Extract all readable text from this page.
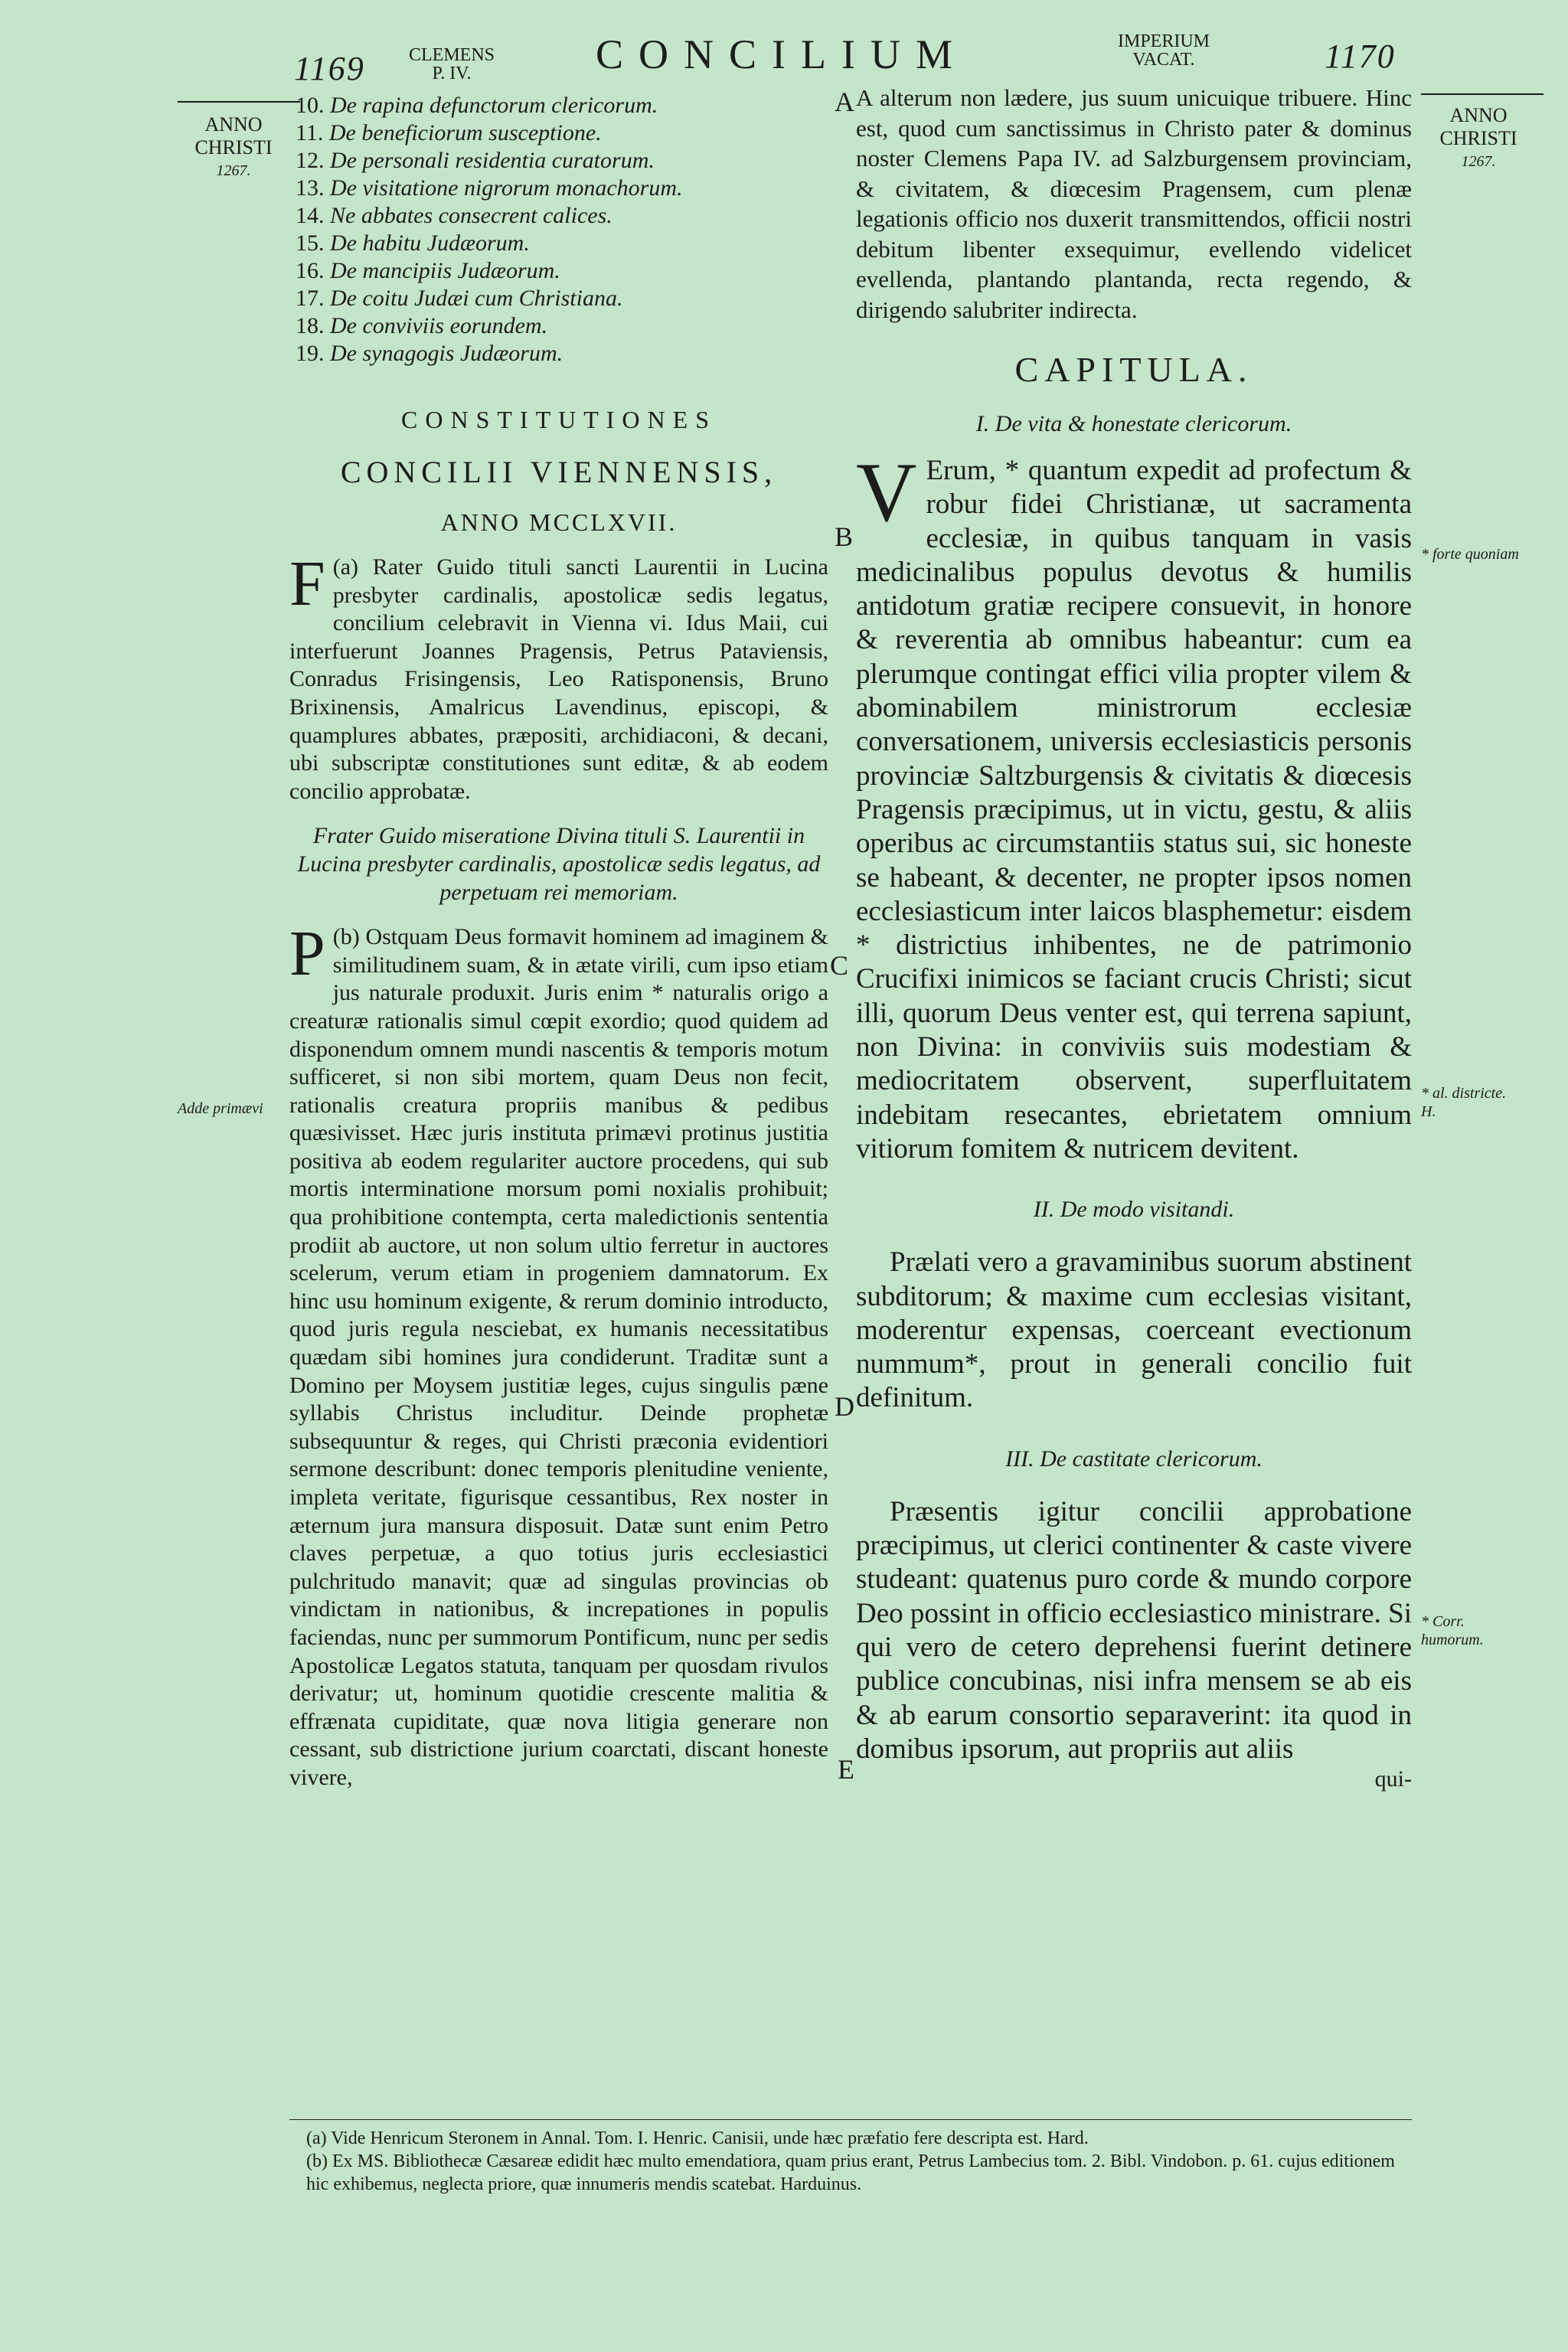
1169	CLEMENS
P. IV.	CONCILIUM	IMPERIUM
VACAT.	1170
ANNO
CHRISTI
1267.
ANNO
CHRISTI
1267.
10. De rapina defunctorum clericorum.
11. De beneficiorum susceptione.
12. De personali residentia curatorum.
13. De visitatione nigrorum monachorum.
14. Ne abbates consecrent calices.
15. De habitu Judæorum.
16. De mancipiis Judæorum.
17. De coitu Judæi cum Christiana.
18. De conviviis eorundem.
19. De synagogis Judæorum.

CONSTITUTIONES

CONCILII VIENNENSIS,

ANNO MCCLXVII.

(a)
F	Rater Guido tituli sancti Laurentii in Lucina presbyter cardinalis, apostolicæ sedis legatus, concilium celebravit in Vienna vi. Idus Maii, cui interfuerunt Joannes Pragensis, Petrus Pataviensis, Conradus Frisingensis, Leo Ratisponensis, Bruno Brixinensis, Amalricus Lavendinus, episcopi, & quamplures abbates, præpositi, archidiaconi, & decani, ubi subscriptæ constitutiones sunt editæ, & ab eodem concilio approbatæ.

Frater Guido miseratione Divina tituli S. Laurentii in Lucina presbyter cardinalis, apostolicæ sedis legatus, ad perpetuam rei memoriam.

(b)
P	Ostquam Deus formavit hominem ad imaginem & similitudinem suam, & in ætate virili, cum ipso etiam jus naturale produxit. Juris enim * naturalis origo a creaturæ rationalis simul cœpit exordio; quod quidem ad disponendum omnem mundi nascentis & temporis motum sufficeret, si non sibi mortem, quam Deus non fecit, rationalis creatura propriis manibus & pedibus quæsivisset. Hæc juris instituta primævi protinus justitia positiva ab eodem regulariter auctore procedens, qui sub mortis interminatione morsum pomi noxialis prohibuit; qua prohibitione contempta, certa maledictionis sententia prodiit ab auctore, ut non solum ultio ferretur in auctores scelerum, verum etiam in progeniem damnatorum. Ex hinc usu hominum exigente, & rerum dominio introducto, quod juris regula nesciebat, ex humanis necessitatibus quædam sibi homines jura condiderunt. Traditæ sunt a Domino per Moysem justitiæ leges, cujus singulis pæne syllabis Christus includitur. Deinde prophetæ subsequuntur & reges, qui Christi præconia evidentiori sermone describunt: donec temporis plenitudine veniente, impleta veritate, figurisque cessantibus, Rex noster in æternum jura mansura disposuit. Datæ sunt enim Petro claves perpetuæ, a quo totius juris ecclesiastici pulchritudo manavit; quæ ad singulas provincias ob vindictam in nationibus, & increpationes in populis faciendas, nunc per summorum Pontificum, nunc per sedis Apostolicæ Legatos statuta, tanquam per quosdam rivulos derivatur; ut, hominum quotidie crescente malitia & effrænata cupiditate, quæ nova litigia generare non cessant, sub districtione jurium coarctati, discant honeste vivere,

A alterum non lædere, jus suum unicuique tribuere. Hinc est, quod cum sanctissimus in Christo pater & dominus noster Clemens Papa IV. ad Salzburgensem provinciam, & civitatem, & diœcesim Pragensem, cum plenæ legationis officio nos duxerit transmittendos, officii nostri debitum libenter exsequimur, evellendo videlicet evellenda, plantando plantanda, recta regendo, & dirigendo salubriter indirecta.

CAPITULA.

I. De vita & honestate clericorum.

V Erum, * quantum expedit ad profectum & robur fidei Christianæ, ut sacramenta ecclesiæ, in quibus tanquam in vasis medicinalibus populus devotus & humilis antidotum gratiæ recipere consuevit, in honore & reverentia ab omnibus habeantur: cum ea plerumque contingat effici vilia propter vilem & abominabilem ministrorum ecclesiæ conversationem, universis ecclesiasticis personis provinciæ Saltzburgensis & civitatis & diœcesis Pragensis præcipimus, ut in victu, gestu, & aliis operibus ac circumstantiis status sui, sic honeste se habeant, & decenter, ne propter ipsos nomen ecclesiasticum inter laicos blasphemetur: eisdem * districtius inhibentes, ne de patrimonio Crucifixi inimicos se faciant crucis Christi; sicut illi, quorum Deus venter est, qui terrena sapiunt, non Divina: in conviviis suis modestiam & mediocritatem observent, superfluitatem indebitam resecantes, ebrietatem omnium vitiorum fomitem & nutricem devitent.

II. De modo visitandi.

Prælati vero a gravaminibus suorum abstinent subditorum; & maxime cum ecclesias visitant, moderentur expensas, coerceant evectionum nummum*, prout in generali concilio fuit definitum.

III. De castitate clericorum.

Præsentis igitur concilii approbatione præcipimus, ut clerici continenter & caste vivere studeant: quatenus puro corde & mundo corpore Deo possint in officio ecclesiastico ministrare. Si qui vero de cetero deprehensi fuerint detinere publice concubinas, nisi infra mensem se ab eis & ab earum consortio separaverint: ita quod in domibus ipsorum, aut propriis aut aliis

qui-
A
B
C
D
E
Adde primævi
* forte quoniam
* al. districte. H.
* Corr. humorum.
(a) Vide Henricum Steronem in Annal. Tom. I. Henric. Canisii, unde hæc præfatio fere descripta est. Hard.
(b) Ex MS. Bibliothecæ Cæsareæ edidit hæc multo emendatiora, quam prius erant, Petrus Lambecius tom. 2. Bibl. Vindobon. p. 61. cujus editionem hic exhibemus, neglecta priore, quæ innumeris mendis scatebat. Harduinus.
